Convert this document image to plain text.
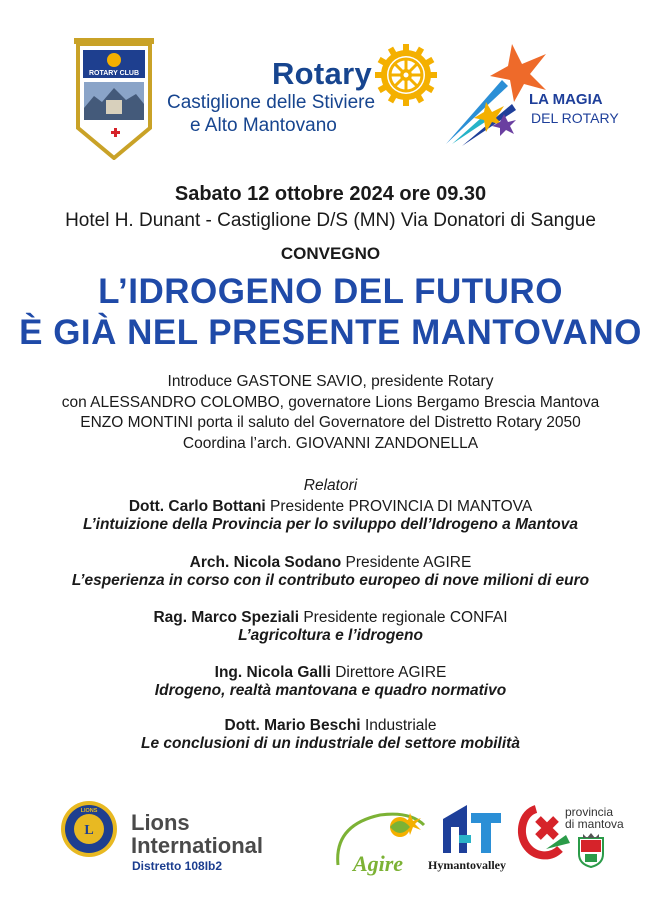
ROTARY CLUB	Rotary
Castiglione delle Stiviere
e Alto Mantovano
LA MAGIA
DEL ROTARY
Sabato 12 ottobre 2024 ore 09.30
Hotel H. Dunant - Castiglione D/S (MN) Via Donatori di Sangue
CONVEGNO
L’IDROGENO DEL FUTURO
È GIÀ NEL PRESENTE MANTOVANO
Introduce GASTONE SAVIO, presidente Rotary
con ALESSANDRO COLOMBO, governatore Lions Bergamo Brescia Mantova
ENZO MONTINI porta il saluto del Governatore del Distretto Rotary 2050
Coordina l’arch. GIOVANNI ZANDONELLA
Relatori
Dott. Carlo Bottani Presidente PROVINCIA DI MANTOVA
L’intuizione della Provincia per lo sviluppo dell’Idrogeno a Mantova
Arch. Nicola Sodano Presidente AGIRE
L’esperienza in corso con il contributo europeo di nove milioni di euro
Rag. Marco Speziali Presidente regionale CONFAI
L’agricoltura e l’idrogeno
Ing. Nicola Galli Direttore AGIRE
Idrogeno, realtà mantovana e quadro normativo
Dott. Mario Beschi Industriale
Le conclusioni di un industriale del settore mobilità
L
LIONS Lions
International
Distretto 108Ib2	Agire Hymantovalley
provincia
di mantova
